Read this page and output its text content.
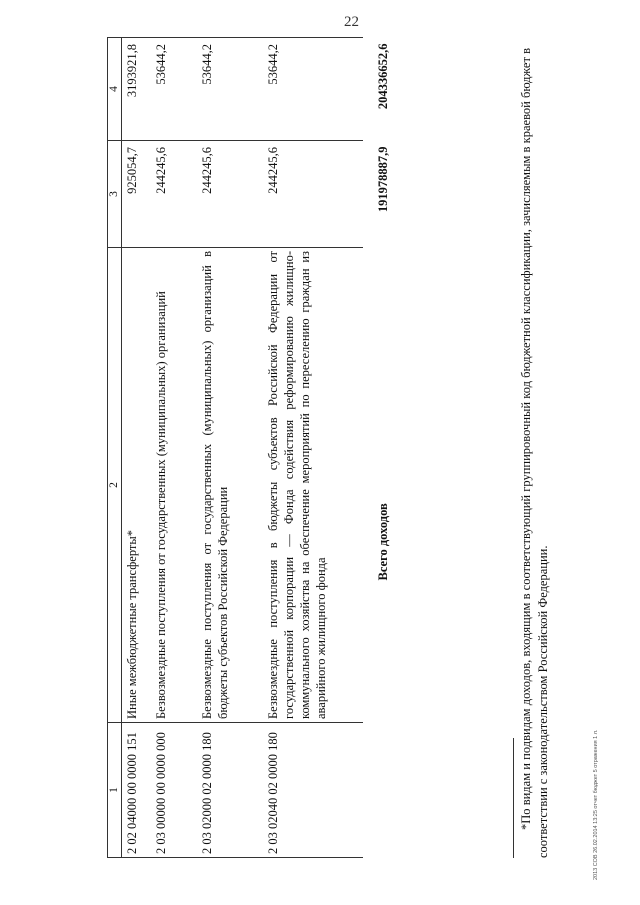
22
2013 СОВ 26.02.2014 13:25 отчет бюджет 5 отражения 1 л.
1	2	3	4
2 02 04000 00 0000 151	Иные межбюджетные трансферты*	925054,7	3193921,8
2 03 00000 00 0000 000	Безвозмездные поступления от государственных (муниципальных) организаций	244245,6	53644,2
2 03 02000 02 0000 180	Безвозмездные поступления от государственных (муниципальных) организаций в бюджеты субъектов Российской Федерации	244245,6	53644,2
2 03 02040 02 0000 180	Безвозмездные поступления в бюджеты субъектов Российской Федерации от государственной корпорации — Фонда содействия реформированию жилищно-коммунального хозяйства на обеспечение мероприятий по переселению граждан из аварийного жилищного фонда	244245,6	53644,2
	Всего доходов	191978887,9	204336652,6	*По видам и подвидам доходов, входящим в соответствующий группировочный код бюджетной классификации, зачисляемым в краевой бюджет в соответствии с законодательством Российской Федерации.
